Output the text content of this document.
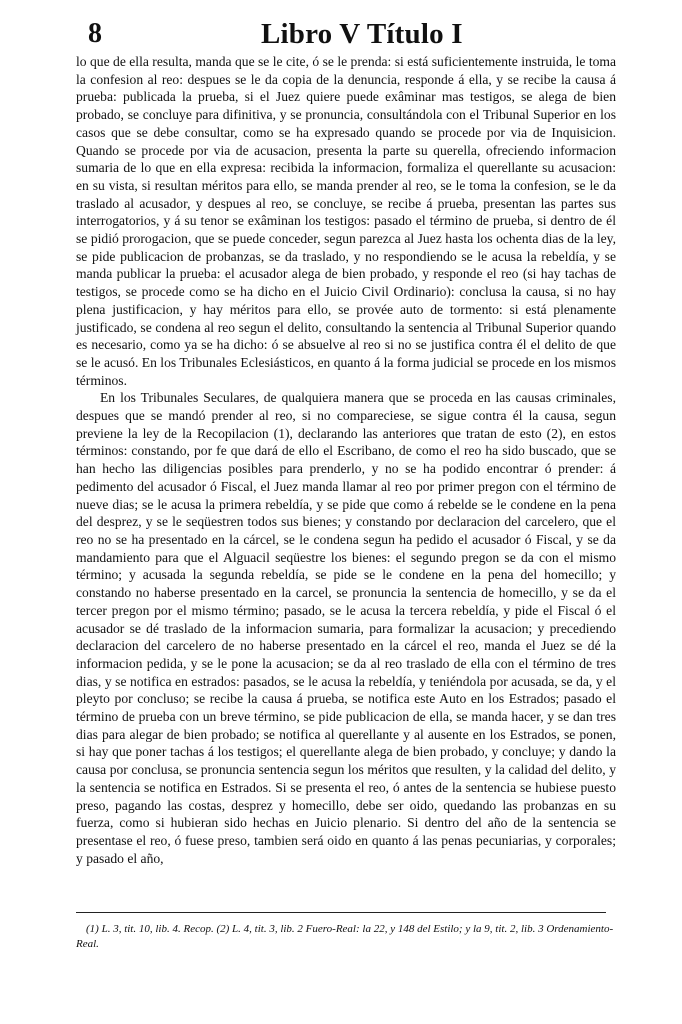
8	Libro V Título I

lo que de ella resulta, manda que se le cite, ó se le prenda: si está suficientemente instruida, le toma la confesion al reo: despues se le da copia de la denuncia, responde á ella, y se recibe la causa á prueba: publicada la prueba, si el Juez quiere puede exâminar mas testigos, se alega de bien probado, se concluye para difinitiva, y se pronuncia, consultándola con el Tribunal Superior en los casos que se debe consultar, como se ha expresado quando se procede por via de Inquisicion. Quando se procede por via de acusacion, presenta la parte su querella, ofreciendo informacion sumaria de lo que en ella expresa: recibida la informacion, formaliza el querellante su acusacion: en su vista, si resultan méritos para ello, se manda prender al reo, se le toma la confesion, se le da traslado al acusador, y despues al reo, se concluye, se recibe á prueba, presentan las partes sus interrogatorios, y á su tenor se exâminan los testigos: pasado el término de prueba, si dentro de él se pidió prorogacion, que se puede conceder, segun parezca al Juez hasta los ochenta dias de la ley, se pide publicacion de probanzas, se da traslado, y no respondiendo se le acusa la rebeldía, y se manda publicar la prueba: el acusador alega de bien probado, y responde el reo (si hay tachas de testigos, se procede como se ha dicho en el Juicio Civil Ordinario): conclusa la causa, si no hay plena justificacion, y hay méritos para ello, se provée auto de tormento: si está plenamente justificado, se condena al reo segun el delito, consultando la sentencia al Tribunal Superior quando es necesario, como ya se ha dicho: ó se absuelve al reo si no se justifica contra él el delito de que se le acusó. En los Tribunales Eclesiásticos, en quanto á la forma judicial se procede en los mismos términos.

En los Tribunales Seculares, de qualquiera manera que se proceda en las causas criminales, despues que se mandó prender al reo, si no compareciese, se sigue contra él la causa, segun previene la ley de la Recopilacion (1), declarando las anteriores que tratan de esto (2), en estos términos: constando, por fe que dará de ello el Escribano, de como el reo ha sido buscado, que se han hecho las diligencias posibles para prenderlo, y no se ha podido encontrar ó prender: á pedimento del acusador ó Fiscal, el Juez manda llamar al reo por primer pregon con el término de nueve dias; se le acusa la primera rebeldía, y se pide que como á rebelde se le condene en la pena del desprez, y se le seqüestren todos sus bienes; y constando por declaracion del carcelero, que el reo no se ha presentado en la cárcel, se le condena segun ha pedido el acusador ó Fiscal, y se da mandamiento para que el Alguacil seqüestre los bienes: el segundo pregon se da con el mismo término; y acusada la segunda rebeldía, se pide se le condene en la pena del homecillo; y constando no haberse presentado en la carcel, se pronuncia la sentencia de homecillo, y se da el tercer pregon por el mismo término; pasado, se le acusa la tercera rebeldía, y pide el Fiscal ó el acusador se dé traslado de la informacion sumaria, para formalizar la acusacion; y precediendo declaracion del carcelero de no haberse presentado en la cárcel el reo, manda el Juez se dé la informacion pedida, y se le pone la acusacion; se da al reo traslado de ella con el término de tres dias, y se notifica en estrados: pasados, se le acusa la rebeldía, y teniéndola por acusada, se da, y el pleyto por concluso; se recibe la causa á prueba, se notifica este Auto en los Estrados; pasado el término de prueba con un breve término, se pide publicacion de ella, se manda hacer, y se dan tres dias para alegar de bien probado; se notifica al querellante y al ausente en los Estrados, se ponen, si hay que poner tachas á los testigos; el querellante alega de bien probado, y concluye; y dando la causa por conclusa, se pronuncia sentencia segun los méritos que resulten, y la calidad del delito, y la sentencia se notifica en Estrados. Si se presenta el reo, ó antes de la sentencia se hubiese puesto preso, pagando las costas, desprez y homecillo, debe ser oido, quedando las probanzas en su fuerza, como si hubieran sido hechas en Juicio plenario. Si dentro del año de la sentencia se presentase el reo, ó fuese preso, tambien será oido en quanto á las penas pecuniarias, y corporales; y pasado el año,

(1) L. 3, tit. 10, lib. 4. Recop. (2) L. 4, tit. 3, lib. 2 Fuero-Real: la 22, y 148 del Estilo; y la 9, tit. 2, lib. 3 Ordenamiento-Real.
